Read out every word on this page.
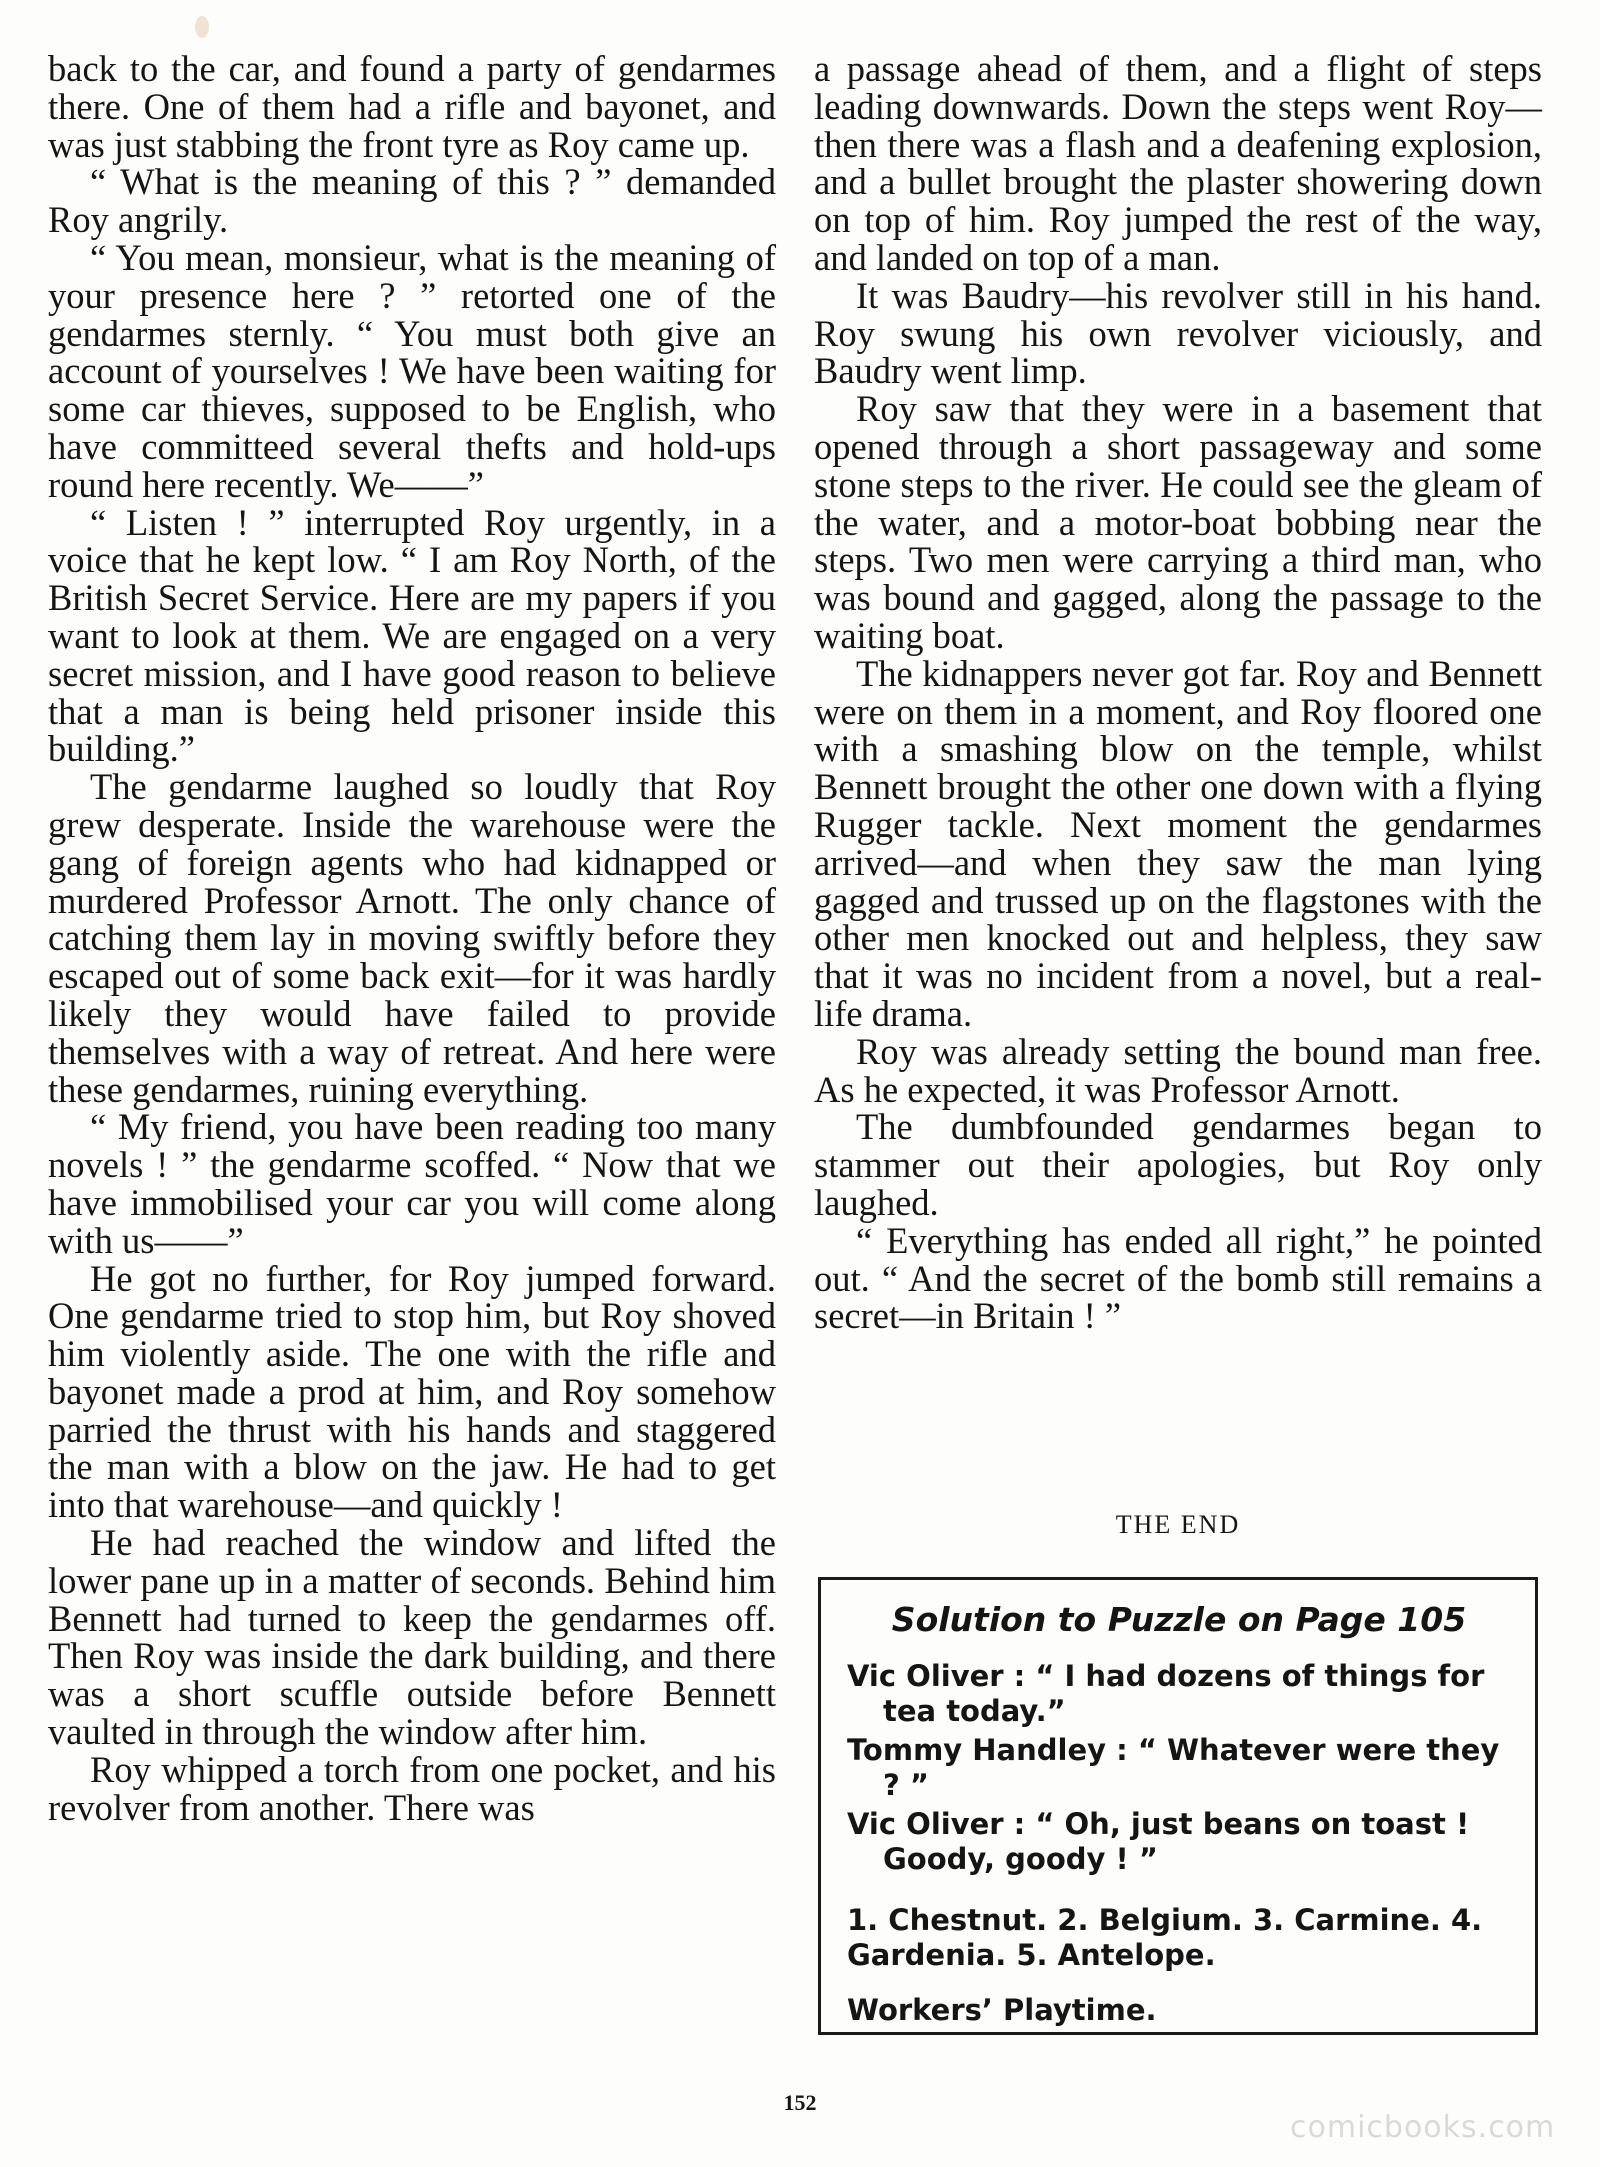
back to the car, and found a party of gendarmes there. One of them had a rifle and bayonet, and was just stabbing the front tyre as Roy came up.

“ What is the meaning of this ? ” demanded Roy angrily.

“ You mean, monsieur, what is the meaning of your presence here ? ” retorted one of the gendarmes sternly. “ You must both give an account of yourselves ! We have been waiting for some car thieves, supposed to be English, who have committeed several thefts and hold-ups round here recently. We——”

“ Listen ! ” interrupted Roy urgently, in a voice that he kept low. “ I am Roy North, of the British Secret Service. Here are my papers if you want to look at them. We are engaged on a very secret mission, and I have good reason to believe that a man is being held prisoner inside this building.”

The gendarme laughed so loudly that Roy grew desperate. Inside the warehouse were the gang of foreign agents who had kidnapped or murdered Professor Arnott. The only chance of catching them lay in moving swiftly before they escaped out of some back exit—for it was hardly likely they would have failed to provide themselves with a way of retreat. And here were these gendarmes, ruining everything.

“ My friend, you have been reading too many novels ! ” the gendarme scoffed. “ Now that we have immobilised your car you will come along with us——”

He got no further, for Roy jumped forward. One gendarme tried to stop him, but Roy shoved him violently aside. The one with the rifle and bayonet made a prod at him, and Roy somehow parried the thrust with his hands and staggered the man with a blow on the jaw. He had to get into that warehouse—and quickly !

He had reached the window and lifted the lower pane up in a matter of seconds. Behind him Bennett had turned to keep the gendarmes off. Then Roy was inside the dark building, and there was a short scuffle outside before Bennett vaulted in through the window after him.

Roy whipped a torch from one pocket, and his revolver from another. There was

a passage ahead of them, and a flight of steps leading downwards. Down the steps went Roy—then there was a flash and a deafening explosion, and a bullet brought the plaster showering down on top of him. Roy jumped the rest of the way, and landed on top of a man.

It was Baudry—his revolver still in his hand. Roy swung his own revolver viciously, and Baudry went limp.

Roy saw that they were in a basement that opened through a short passageway and some stone steps to the river. He could see the gleam of the water, and a motor-boat bobbing near the steps. Two men were carrying a third man, who was bound and gagged, along the passage to the waiting boat.

The kidnappers never got far. Roy and Bennett were on them in a moment, and Roy floored one with a smashing blow on the temple, whilst Bennett brought the other one down with a flying Rugger tackle. Next moment the gendarmes arrived—and when they saw the man lying gagged and trussed up on the flagstones with the other men knocked out and helpless, they saw that it was no incident from a novel, but a real-life drama.

Roy was already setting the bound man free. As he expected, it was Professor Arnott.

The dumbfounded gendarmes began to stammer out their apologies, but Roy only laughed.

“ Everything has ended all right,” he pointed out. “ And the secret of the bomb still remains a secret—in Britain ! ”

THE END
Solution to Puzzle on Page 105
Vic Oliver : “ I had dozens of things for tea today.”
Tommy Handley : “ Whatever were they ? ”
Vic Oliver : “ Oh, just beans on toast ! Goody, goody ! ”
1. Chestnut. 2. Belgium. 3. Carmine. 4. Gardenia. 5. Antelope.
Workers’ Playtime.
152
comicbooks.com
